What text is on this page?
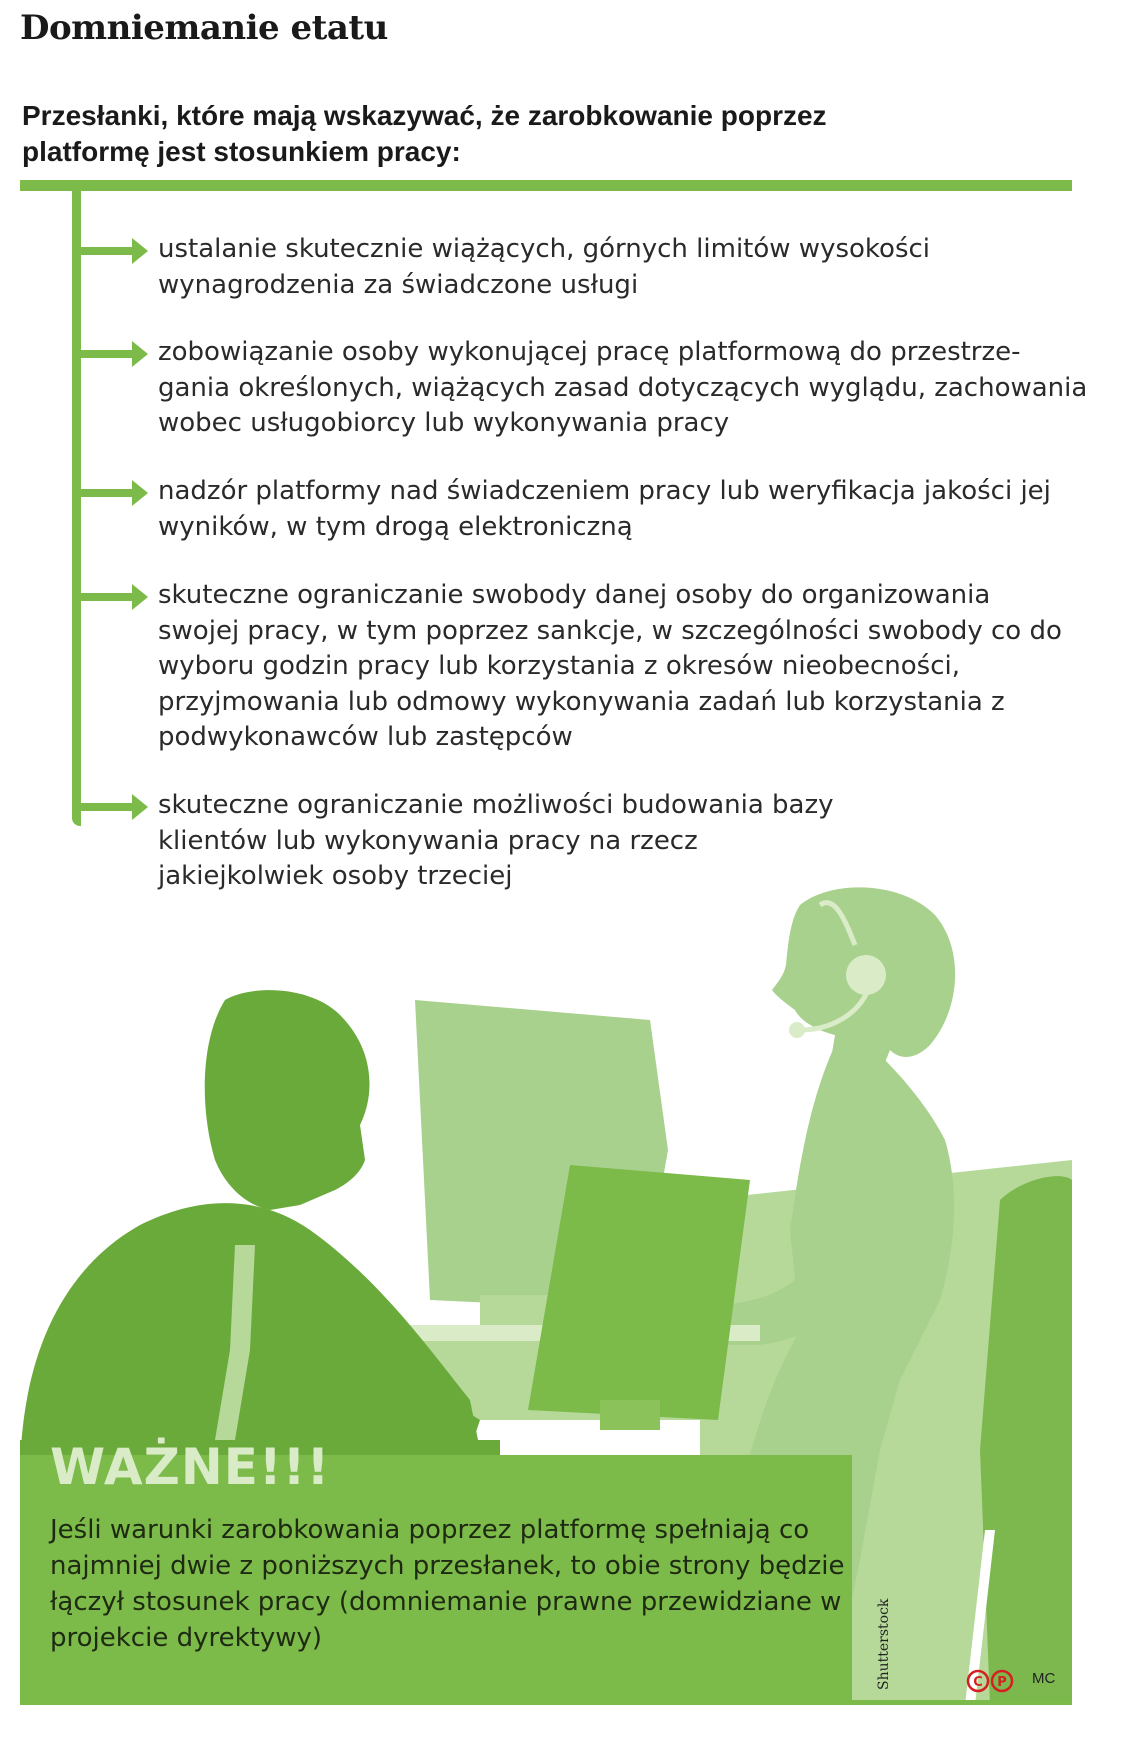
Domniemanie etatu
Przesłanki, które mają wskazywać, że zarobkowanie poprzez platformę jest stosunkiem pracy:
ustalanie skutecznie wiążących, górnych limitów wysokości wynagrodzenia za świadczone usługi
zobowiązanie osoby wykonującej pracę platformową do przestrze-gania określonych, wiążących zasad dotyczących wyglądu, zachowania wobec usługobiorcy lub wykonywania pracy
nadzór platformy nad świadczeniem pracy lub weryfikacja jakości jej wyników, w tym drogą elektroniczną
skuteczne ograniczanie swobody danej osoby do organizowania swojej pracy, w tym poprzez sankcje, w szczególności swobody co do wyboru godzin pracy lub korzystania z okresów nieobecności, przyjmowania lub odmowy wykonywania zadań lub korzystania z podwykonawców lub zastępców
skuteczne ograniczanie możliwości budowania bazy klientów lub wykonywania pracy na rzecz jakiejkolwiek osoby trzeciej
WAŻNE!!!
Jeśli warunki zarobkowania poprzez platformę spełniają co najmniej dwie z poniższych przesłanek, to obie strony będzie łączył stosunek pracy (domniemanie prawne przewidziane w projekcie dyrektywy)	Shutterstock	C P MC
